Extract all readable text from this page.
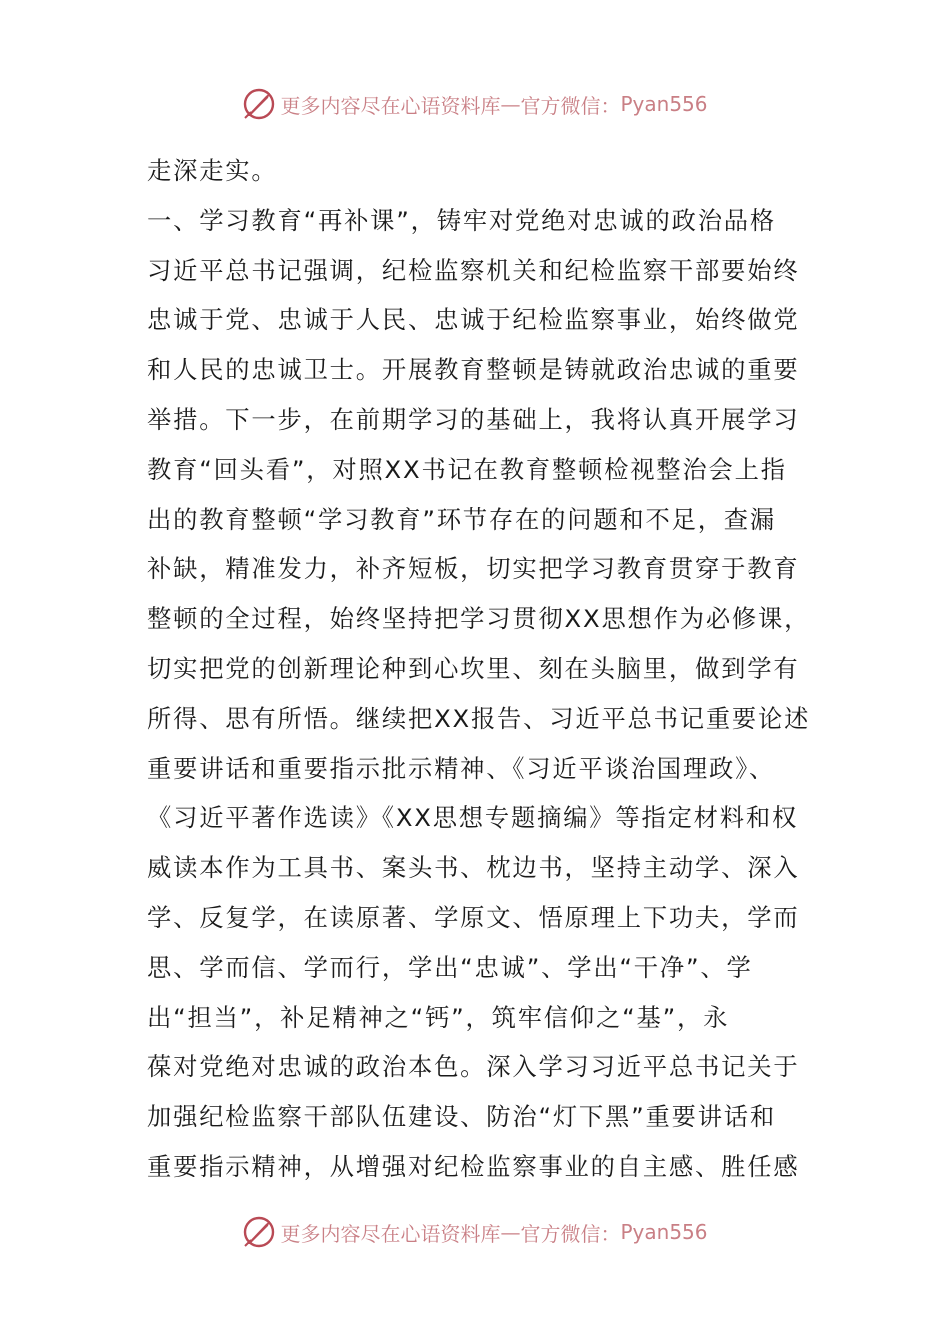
更多内容尽在心语资料库 — 官方微信： Pyan556
走深走实。
一、学习教育“再补课”，铸牢对党绝对忠诚的政治品格
习近平总书记强调，纪检监察机关和纪检监察干部要始终
忠诚于党、忠诚于人民、忠诚于纪检监察事业，始终做党
和人民的忠诚卫士。开展教育整顿是铸就政治忠诚的重要
举措。下一步，在前期学习的基础上，我将认真开展学习
教育“回头看”，对照XX书记在教育整顿检视整治会上指
出的教育整顿“学习教育”环节存在的问题和不足，查漏
补缺，精准发力，补齐短板，切实把学习教育贯穿于教育
整顿的全过程，始终坚持把学习贯彻XX思想作为必修课，
切实把党的创新理论种到心坎里、刻在头脑里，做到学有
所得、思有所悟。继续把XX报告、习近平总书记重要论述
重要讲话和重要指示批示精神、《习近平谈治国理政》、
《习近平著作选读》《XX思想专题摘编》等指定材料和权
威读本作为工具书、案头书、枕边书，坚持主动学、深入
学、反复学，在读原著、学原文、悟原理上下功夫，学而
思、学而信、学而行，学出“忠诚”、学出“干净”、学
出“担当”，补足精神之“钙”，筑牢信仰之“基”，永
葆对党绝对忠诚的政治本色。深入学习习近平总书记关于
加强纪检监察干部队伍建设、防治“灯下黑”重要讲话和
重要指示精神，从增强对纪检监察事业的自主感、胜任感
更多内容尽在心语资料库 — 官方微信： Pyan556
